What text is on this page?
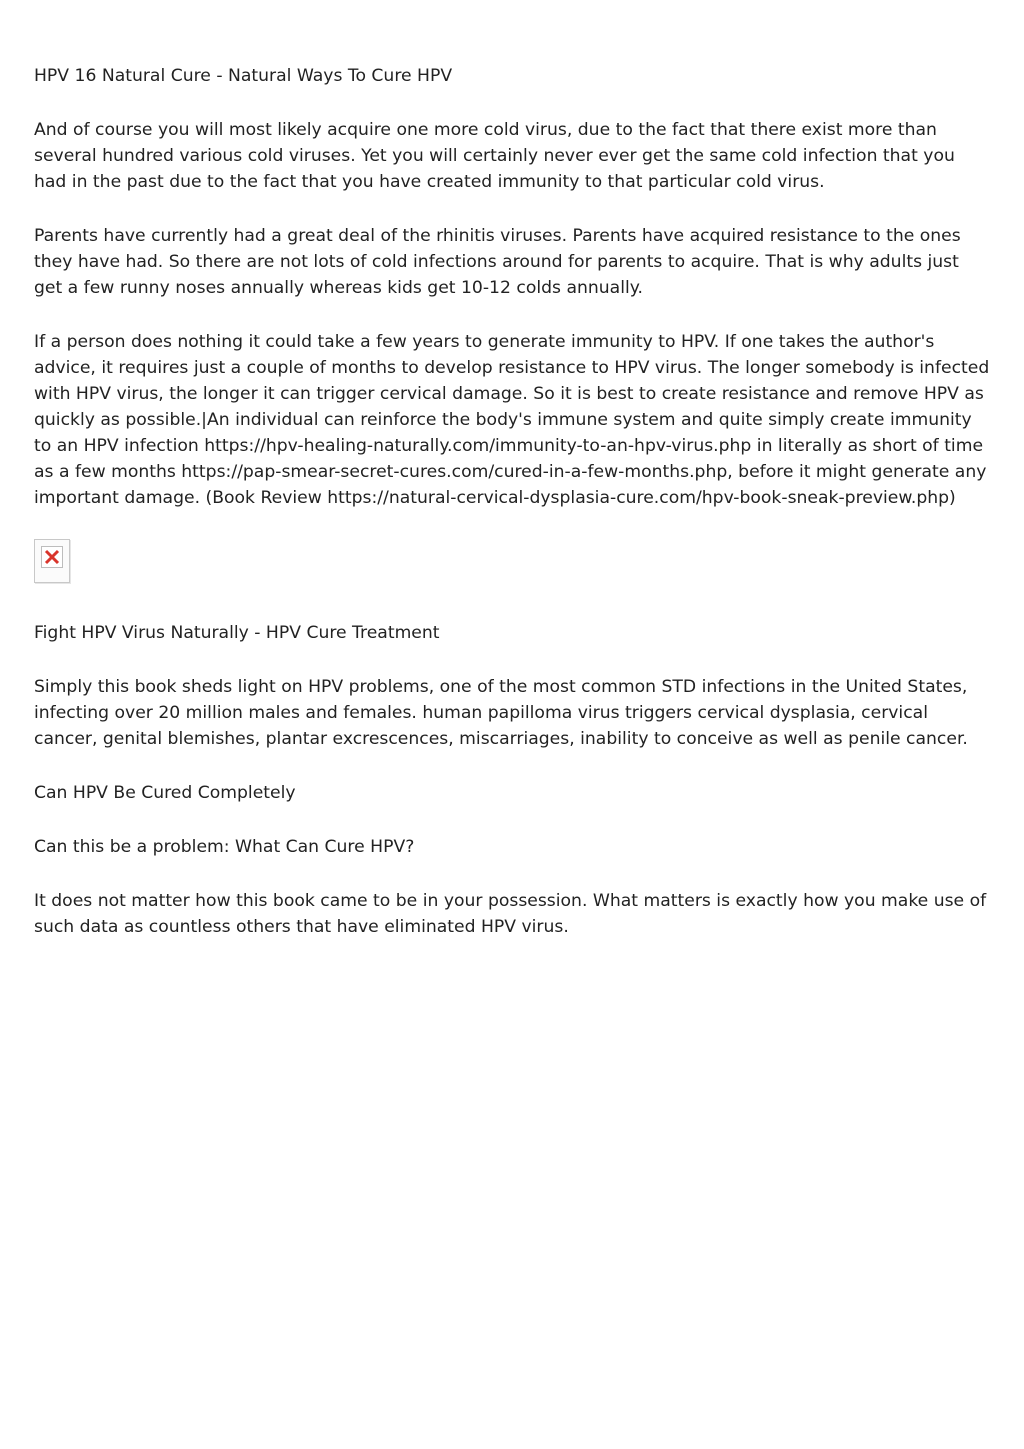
HPV 16 Natural Cure - Natural Ways To Cure HPV

And of course you will most likely acquire one more cold virus, due to the fact that there exist more than several hundred various cold viruses. Yet you will certainly never ever get the same cold infection that you had in the past due to the fact that you have created immunity to that particular cold virus.

Parents have currently had a great deal of the rhinitis viruses. Parents have acquired resistance to the ones they have had. So there are not lots of cold infections around for parents to acquire. That is why adults just get a few runny noses annually whereas kids get 10-12 colds annually.

If a person does nothing it could take a few years to generate immunity to HPV. If one takes the author's advice, it requires just a couple of months to develop resistance to HPV virus. The longer somebody is infected with HPV virus, the longer it can trigger cervical damage. So it is best to create resistance and remove HPV as quickly as possible.|An individual can reinforce the body's immune system and quite simply create immunity to an HPV infection https://hpv-healing-naturally.com/immunity-to-an-hpv-virus.php in literally as short of time as a few months https://pap-smear-secret-cures.com/cured-in-a-few-months.php, before it might generate any important damage. (Book Review https://natural-cervical-dysplasia-cure.com/hpv-book-sneak-preview.php)

Fight HPV Virus Naturally - HPV Cure Treatment

Simply this book sheds light on HPV problems, one of the most common STD infections in the United States, infecting over 20 million males and females. human papilloma virus triggers cervical dysplasia, cervical cancer, genital blemishes, plantar excrescences, miscarriages, inability to conceive as well as penile cancer.

Can HPV Be Cured Completely

Can this be a problem: What Can Cure HPV?

It does not matter how this book came to be in your possession. What matters is exactly how you make use of such data as countless others that have eliminated HPV virus.
